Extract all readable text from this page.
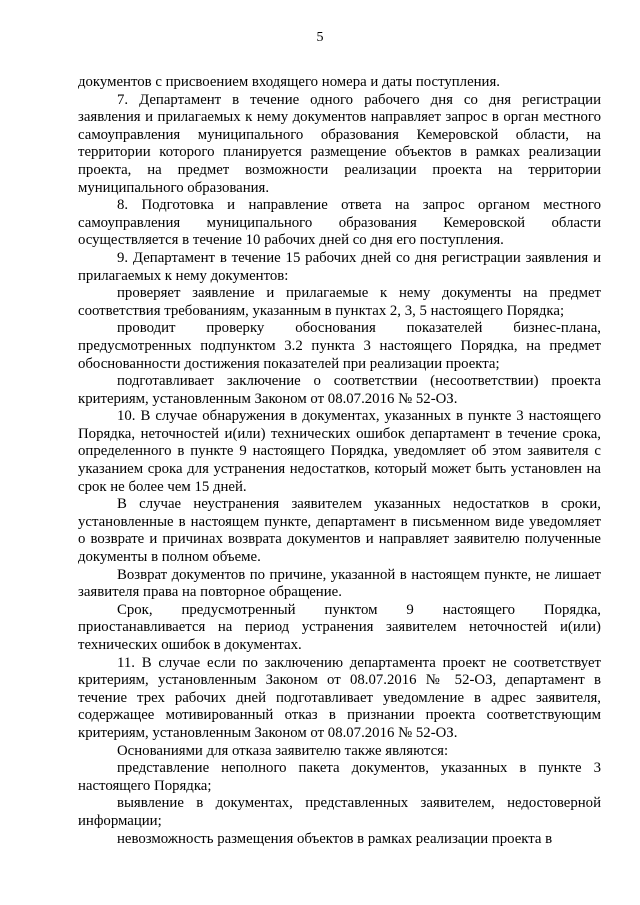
5

документов с присвоением входящего номера и даты поступления.

7. Департамент в течение одного рабочего дня со дня регистрации заявления и прилагаемых к нему документов направляет запрос в орган местного самоуправления муниципального образования Кемеровской области, на территории которого планируется размещение объектов в рамках реализации проекта, на предмет возможности реализации проекта на территории муниципального образования.

8. Подготовка и направление ответа на запрос органом местного самоуправления муниципального образования Кемеровской области осуществляется в течение 10 рабочих дней со дня его поступления.

9. Департамент в течение 15 рабочих дней со дня регистрации заявления и прилагаемых к нему документов:

проверяет заявление и прилагаемые к нему документы на предмет соответствия требованиям, указанным в пунктах 2, 3, 5 настоящего Порядка;

проводит проверку обоснования показателей бизнес-плана, предусмотренных подпунктом 3.2 пункта 3 настоящего Порядка, на предмет обоснованности достижения показателей при реализации проекта;

подготавливает заключение о соответствии (несоответствии) проекта критериям, установленным Законом от 08.07.2016 № 52-ОЗ.

10. В случае обнаружения в документах, указанных в пункте 3 настоящего Порядка, неточностей и(или) технических ошибок департамент в течение срока, определенного в пункте 9 настоящего Порядка, уведомляет об этом заявителя с указанием срока для устранения недостатков, который может быть установлен на срок не более чем 15 дней.

В случае неустранения заявителем указанных недостатков в сроки, установленные в настоящем пункте, департамент в письменном виде уведомляет о возврате и причинах возврата документов и направляет заявителю полученные документы в полном объеме.

Возврат документов по причине, указанной в настоящем пункте, не лишает заявителя права на повторное обращение.

Срок, предусмотренный пунктом 9 настоящего Порядка, приостанавливается на период устранения заявителем неточностей и(или) технических ошибок в документах.

11. В случае если по заключению департамента проект не соответствует критериям, установленным Законом от 08.07.2016 № 52-ОЗ, департамент в течение трех рабочих дней подготавливает уведомление в адрес заявителя, содержащее мотивированный отказ в признании проекта соответствующим критериям, установленным Законом от 08.07.2016 № 52-ОЗ.

Основаниями для отказа заявителю также являются:

представление неполного пакета документов, указанных в пункте 3 настоящего Порядка;

выявление в документах, представленных заявителем, недостоверной информации;

невозможность размещения объектов в рамках реализации проекта в
